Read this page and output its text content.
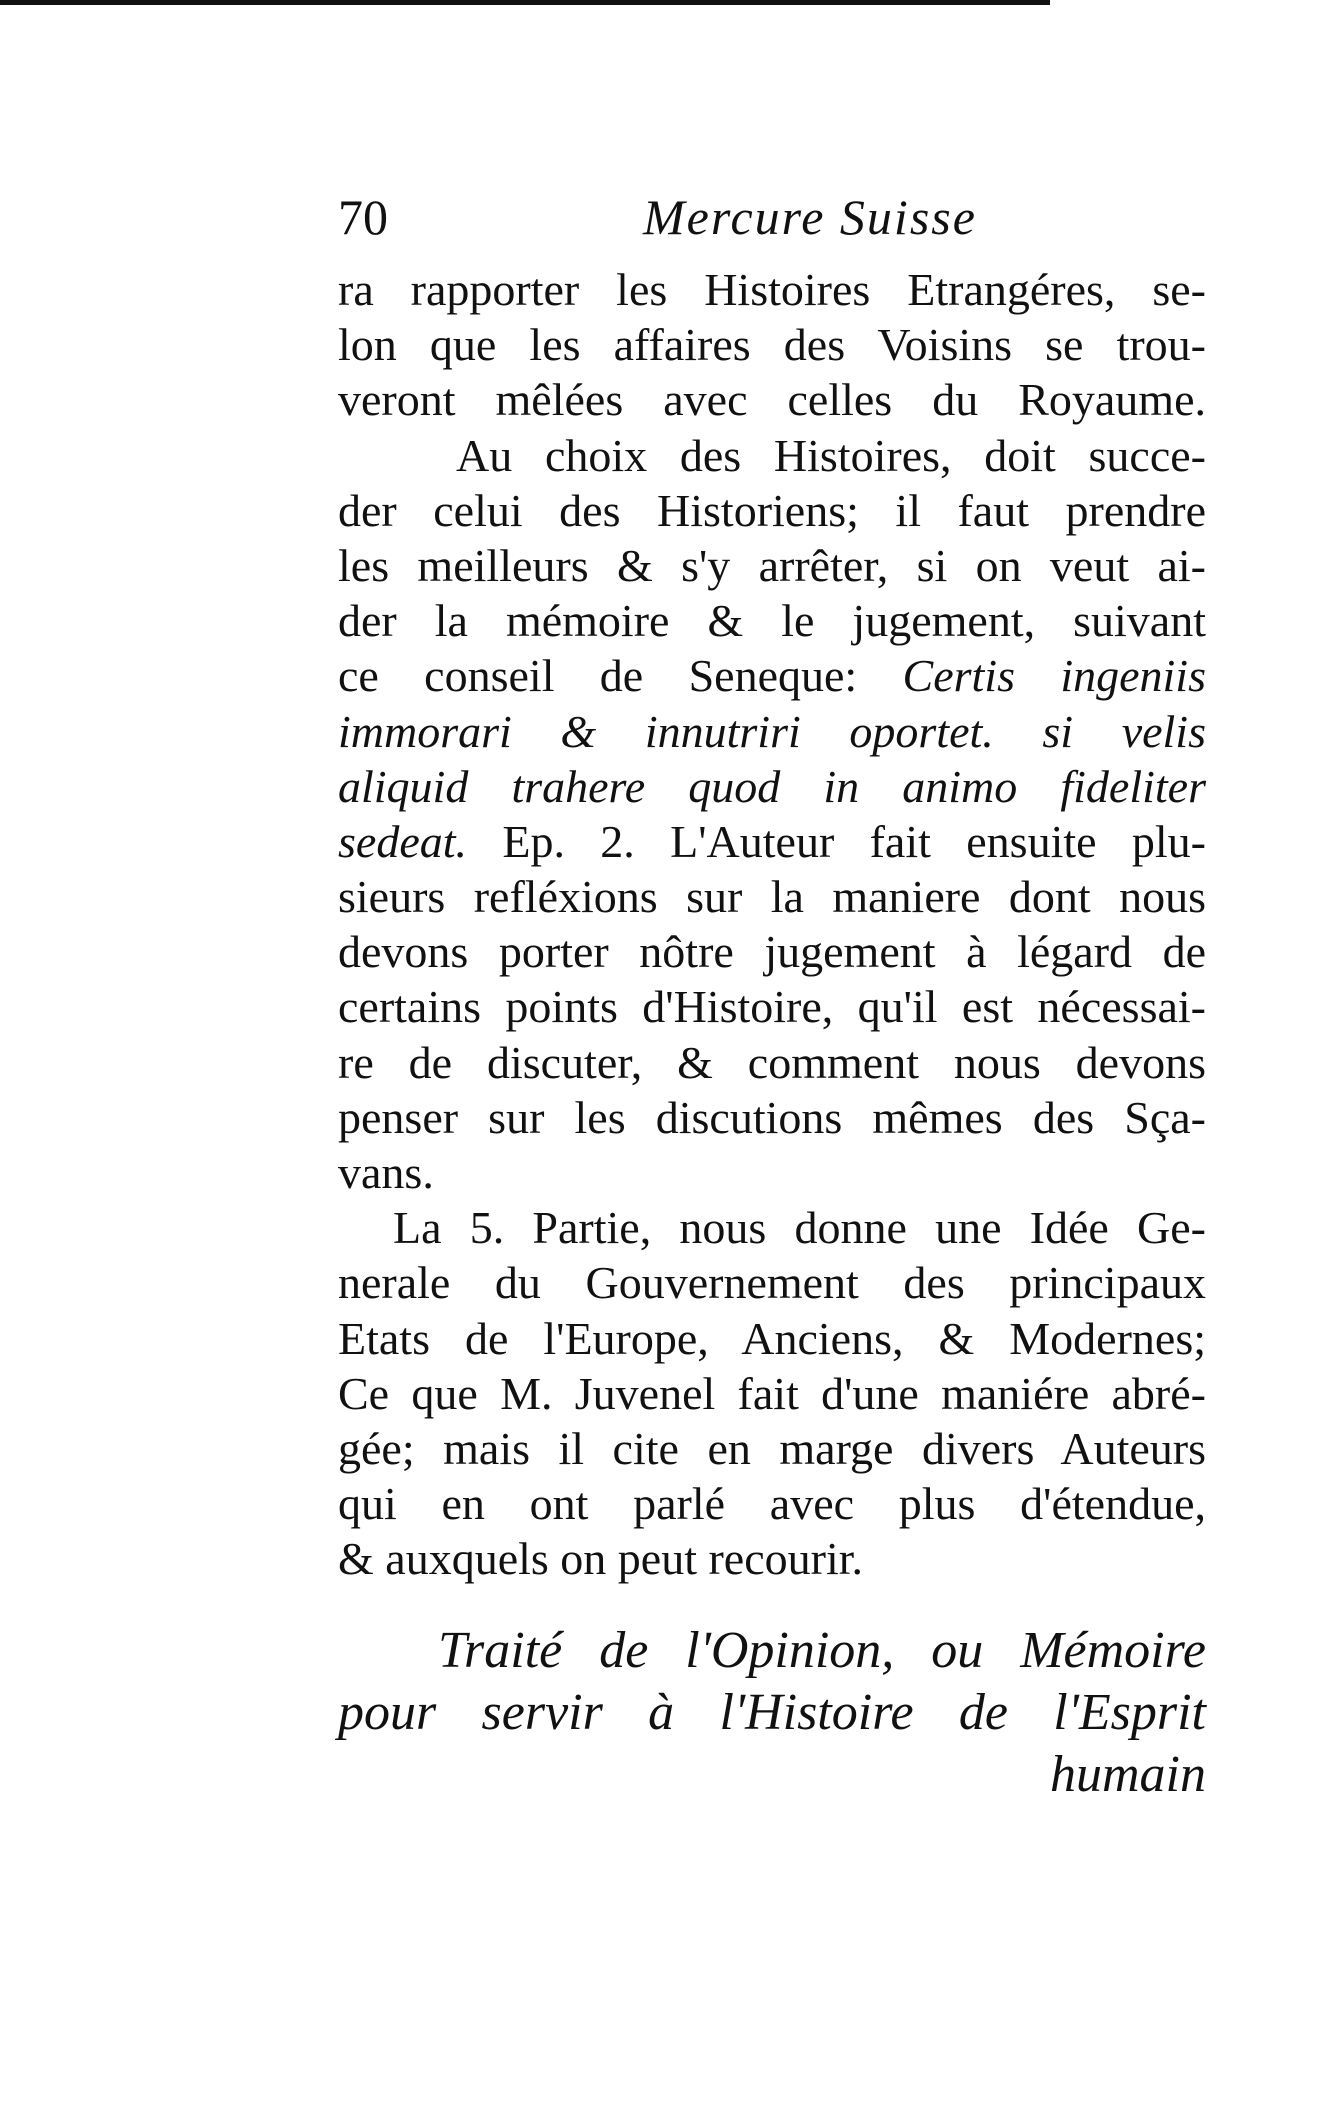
70	Mercure Suisse
ra rapporter les Histoires Etrangéres, se-
lon que les affaires des Voisins se trou-
veront mêlées avec celles du Royaume.
Au choix des Histoires, doit succe-
der celui des Historiens; il faut prendre
les meilleurs & s'y arrêter, si on veut ai-
der la mémoire & le jugement, suivant
ce conseil de Seneque: Certis ingeniis
immorari & innutriri oportet. si velis
aliquid trahere quod in animo fideliter
sedeat. Ep. 2. L'Auteur fait ensuite plu-
sieurs refléxions sur la maniere dont nous
devons porter nôtre jugement à légard de
certains points d'Histoire, qu'il est nécessai-
re de discuter, & comment nous devons
penser sur les discutions mêmes des Sça-
vans.
La 5. Partie, nous donne une Idée Ge-
nerale du Gouvernement des principaux
Etats de l'Europe, Anciens, & Modernes;
Ce que M. Juvenel fait d'une maniére abré-
gée; mais il cite en marge divers Auteurs
qui en ont parlé avec plus d'étendue,
& auxquels on peut recourir.
Traité de l'Opinion, ou Mémoire
pour servir à l'Histoire de l'Esprit
humain
